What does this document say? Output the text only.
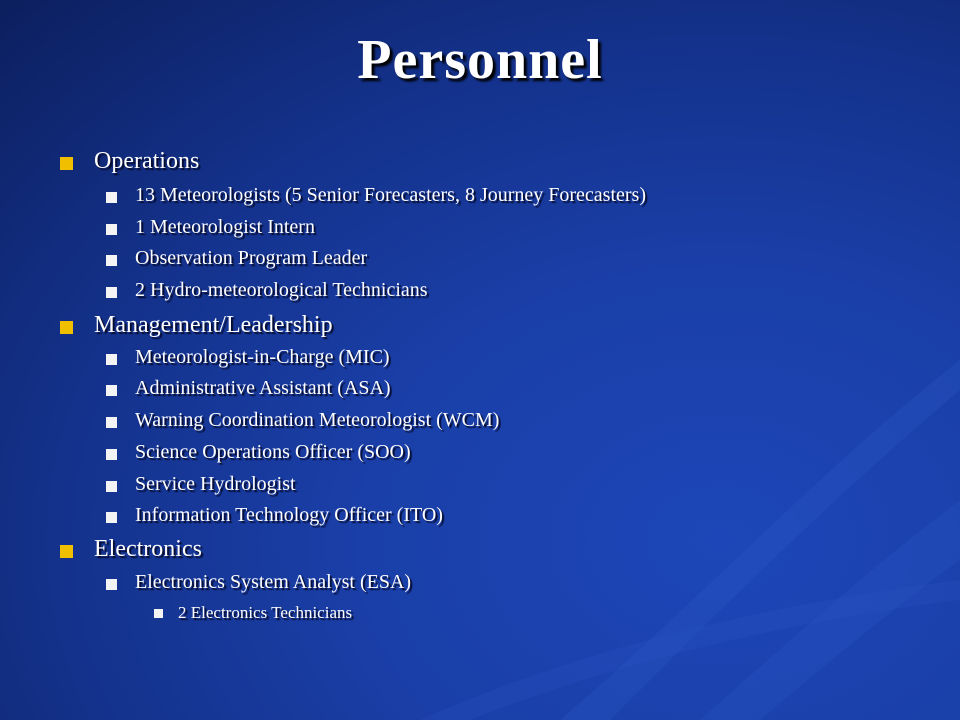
Personnel
Operations
13 Meteorologists (5 Senior Forecasters, 8 Journey Forecasters)
1 Meteorologist Intern
Observation Program Leader
2 Hydro-meteorological Technicians
Management/Leadership
Meteorologist-in-Charge (MIC)
Administrative Assistant (ASA)
Warning Coordination Meteorologist (WCM)
Science Operations Officer (SOO)
Service Hydrologist
Information Technology Officer (ITO)
Electronics
Electronics System Analyst (ESA)
2 Electronics Technicians
